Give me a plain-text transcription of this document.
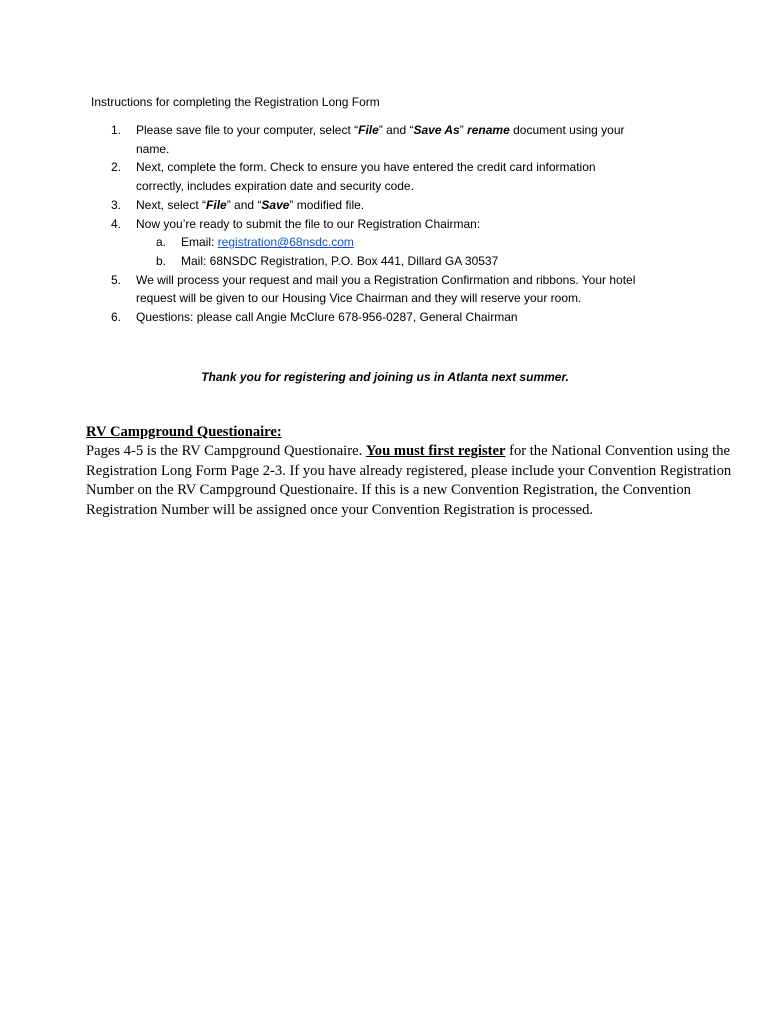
Instructions for completing the Registration Long Form
1.	Please save file to your computer, select “File” and “Save As” rename document using your
name.
2.	Next, complete the form. Check to ensure you have entered the credit card information
correctly, includes expiration date and security code.
3.	Next, select “File” and “Save” modified file.
4.	Now you’re ready to submit the file to our Registration Chairman:
a. Email: registration@68nsdc.com
b. Mail: 68NSDC Registration, P.O. Box 441, Dillard GA 30537
5.	We will process your request and mail you a Registration Confirmation and ribbons. Your hotel
request will be given to our Housing Vice Chairman and they will reserve your room.
6.	Questions: please call Angie McClure 678-956-0287, General Chairman
Thank you for registering and joining us in Atlanta next summer.
RV Campground Questionaire:
Pages 4-5 is the RV Campground Questionaire. You must first register for the National Convention using the Registration Long Form Page 2-3. If you have already registered, please include your Convention Registration Number on the RV Campground Questionaire. If this is a new Convention Registration, the Convention Registration Number will be assigned once your Convention Registration is processed.
